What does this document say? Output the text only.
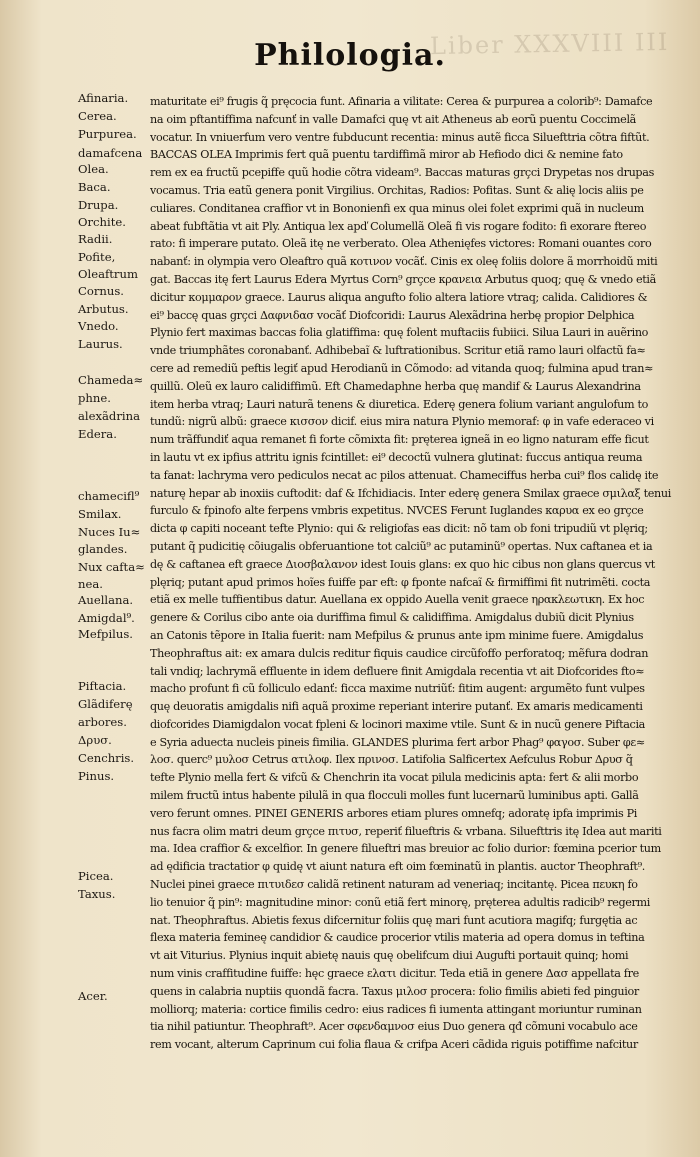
Liber XXXVIII III
Philologia.
Afinaria.
Cerea.
Purpurea.
damafcena
Olea.
Baca.
Drupa.
Orchite.
Radii.
Pofite,
Oleaftrum
Cornus.
Arbutus.
Vnedo.
Laurus.
Chameda≈
phne.
alexãdrina
Edera.
chamecifl⁹
Smilax.
Nuces Iu≈
glandes.
Nux cafta≈
nea.
Auellana.
Amigdal⁹.
Mefpilus.
Piftacia.
Glãdiferę
arbores.
Δρυσ.
Cenchris.
Pinus.
Picea.
Taxus.
Acer.
maturitate ei⁹ frugis q̃ pręcocia funt. Afinaria a vilitate: Cerea & purpurea a colorib⁹: Damafce
na oim pftantiffima nafcunť in valle Damafci quę vt ait Atheneus ab eorũ puentu Coccimelã
vocatur. In vniuerfum vero ventre fubducunt recentia: minus autẽ ficca Siluefttria cõtra fiftũt.
BACCAS OLEA Imprimis fert quã puentu tardiffimã miror ab Hefiodo dici & nemine fato
rem ex ea fructũ pcepiffe quũ hodie cõtra videam⁹. Baccas maturas grçci Drypetas nos drupas
vocamus. Tria eatũ genera ponit Virgilius. Orchitas, Radios: Pofitas. Sunt & alię locis aliis pe
culiares. Conditanea craffior vt in Bononienfi ex qua minus olei folet exprimi quã in nucleum
abeat fubftãtia vt ait Ply. Antiqua lex apď Columellã Oleã fi vis rogare fodito: fi exorare ftereo
rato: fi imperare putato. Oleã itę ne verberato. Olea Athenięfes victores: Romani ouantes coro
nabanť: in olympia vero Oleaftro quã κοτινον vocãť. Cinis ex oleę foliis dolore ã morrhoidũ miti
gat. Baccas itę fert Laurus Edera Myrtus Corn⁹ grçce κρανεια Arbutus quoq; quę & vnedo etiã
dicitur κομμαρον graece. Laurus aliqua angufto folio altera latiore vtraq; calida. Calidiores &
ei⁹ baccę quas grçci Δαφνιδασ vocãť Diofcoridi: Laurus Alexãdrina herbę propior Delphica
Plynio fert maximas baccas folia glatiffima: quę folent muftaciis fubiici. Silua Lauri in auẽrino
vnde triumphãtes coronabanť. Adhibebaĩ & luftrationibus. Scritur etiã ramo lauri olfactũ fa≈
cere ad remediũ peftis legiť apud Herodianũ in Cõmodo: ad vitanda quoq; fulmina apud tran≈
quillũ. Oleũ ex lauro calidiffimũ. Eft Chamedaphne herba quę mandif & Laurus Alexandrina
item herba vtraq; Lauri naturã tenens & diuretica. Ederę genera folium variant angulofum to
tundũ: nigrũ albũ: graece κισσον dicif. eius mira natura Plynio memoraf: φ in vafe ederaceo vi
num trãffundiť aqua remanet fi forte cõmixta fit: pręterea igneã in eo ligno naturam effe ficut
in lautu vt ex ipfius attritu ignis fcintillet: ei⁹ decoctũ vulnera glutinat: fuccus antiqua reuma
ta fanat: lachryma vero pediculos necat ac pilos attenuat. Chameciffus herba cui⁹ flos calidę ite
naturę hepar ab inoxiis cuftodit: daf & Ifchidiacis. Inter ederę genera Smilax graece σμιλαξ tenui
furculo & fpinofo alte ferpens vmbris expetitus. NVCES Ferunt Iuglandes καρυα ex eo grçce
dicta φ capiti noceant tefte Plynio: qui & religiofas eas dicit: nõ tam ob foni tripudiũ vt plęriq;
putant q̃ pudicitię cõiugalis obferuantione tot calciũ⁹ ac putaminũ⁹ opertas. Nux caftanea et ia
dę & caftanea eft graece Διοσβαλανον idest Iouis glans: ex quo hic cibus non glans quercus vt
plęriq; putant apud primos hoĩes fuiffe par eft: φ fponte nafcaĩ & firmiffimi fit nutrimẽti. cocta
etiã ex melle tuffientibus datur. Auellana ex oppido Auella venit graece ηρακλεωτικη. Ex hoc
genere & Corilus cibo ante oia duriffima fimul & calidiffima. Amigdalus dubiũ dicit Plynius
an Catonis tẽpore in Italia fuerit: nam Mefpilus & prunus ante ipm minime fuere. Amigdalus
Theophraftus ait: ex amara dulcis reditur fiquis caudice circũfoffo perforatoq; mẽfura dodran
tali vndiq; lachrymã effluente in idem defluere finit Amigdala recentia vt ait Diofcorides fto≈
macho profunt fi cũ folliculo edanť: ficca maxime nutriũť: fitim augent: argumẽto funt vulpes
quę deuoratis amigdalis nifi aquã proxime reperiant interire putanť. Ex amaris medicamenti
diofcorides Diamigdalon vocat fpleni & locinori maxime vtile. Sunt & in nucũ genere Piftacia
e Syria aduecta nucleis pineis fimilia. GLANDES plurima fert arbor Phag⁹ φαγοσ. Suber φε≈
λοσ. querc⁹ μυλοσ Cetrus ατιλοφ. Ilex πρινοσ. Latifolia Salficertex Aefculus Robur Δρυσ q̃
tefte Plynio mella fert & vifcũ & Chenchrin ita vocat pilula medicinis apta: fert & alii morbo
milem fructũ intus habente pilulã in qua flocculi molles funt lucernarũ luminibus apti. Gallã
vero ferunt omnes. PINEI GENERIS arbores etiam plures omnefq; adoratę ipfa imprimis Pi
nus facra olim matri deum grçce πιτυσ, reperiť filueftris & vrbana. Siluefttris itę Idea aut mariti
ma. Idea craffior & excelfior. In genere filueftri mas breuior ac folio durior: fœmina pcerior tum
ad ędificia tractatior φ quidę vt aiunt natura eft oim fœminatũ in plantis. auctor Theophraft⁹.
Nuclei pinei graece πιτυιδεσ calidã retinent naturam ad veneriaq; incitantę. Picea πευκη fo
lio tenuior q̃ pin⁹: magnitudine minor: conũ etiã fert minorę, pręterea adultis radicib⁹ regermi
nat. Theophraftus. Abietis fexus difcernitur foliis quę mari funt acutiora magifq; furgętia ac
flexa materia femineę candidior & caudice procerior vtilis materia ad opera domus in teftina
vt ait Viturius. Plynius inquit abietę nauis quę obelifcum diui Augufti portauit quinq; homi
num vinis craffitudine fuiffe: hęc graece ελατι dicitur. Teda etiã in genere Δασ appellata fre
quens in calabria nuptiis quondã facra. Taxus μιλοσ procera: folio fimilis abieti fed pinguior
molliorq; materia: cortice fimilis cedro: eius radices fi iumenta attingant moriuntur ruminan
tia nihil patiuntur. Theophraft⁹. Acer σφενδαμνοσ eius Duo genera qđ cõmuni vocabulo ace
rem vocant, alterum Caprinum cui folia flaua & crifpa Aceri cãdida riguis potiffime nafcitur
